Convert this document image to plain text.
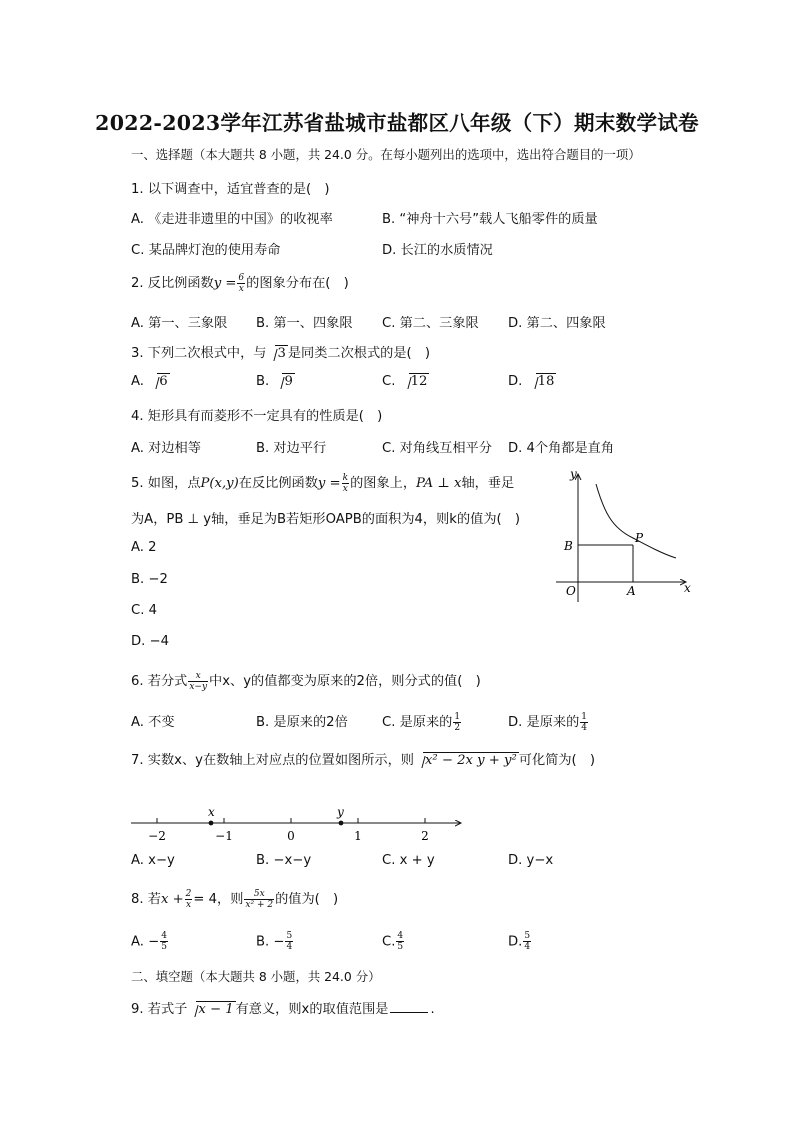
2022-2023学年江苏省盐城市盐都区八年级（下）期末数学试卷
一、选择题（本大题共 8 小题，共 24.0 分。在每小题列出的选项中，选出符合题目的一项）
1. 以下调查中，适宜普查的是(　)
A. 《走进非遗里的中国》的收视率	B. “神舟十六号”载人飞船零件的质量
C. 某品牌灯泡的使用寿命	D. 长江的水质情况
2. 反比例函数$y = \frac{6}{x}$ 的图象分布在(　)
A. 第一、三象限 B. 第一、四象限 C. 第二、三象限 D. 第二、四象限
3. 下列二次根式中，与 3 是同类二次根式的是(　)
A. 6	B. 9	C. 12	D. 18
4. 矩形具有而菱形不一定具有的性质是(　)
A. 对边相等	B. 对边平行	C. 对角线互相平分 D. 4个角都是直角
5. 如图，点P(x,y)在反比例函数$y = \frac{k}{x}$ 的图象上，PA ⊥ x轴，垂足
为A，PB ⊥ y轴，垂足为B若矩形OAPB的面积为4，则k的值为(　)
A. 2
B. −2
C. 4
D. −4
y
x
B
P
O	A
6. 若分式 $\frac{x}{x-y}$ 中x、y的值都变为原来的2倍，则分式的值(　)
A. 不变	B. 是原来的2倍	C. 是原来的 $\frac{1}{2}$	D. 是原来的 $\frac{1}{4}$
7. 实数x、y在数轴上对应点的位置如图所示，则 x² − 2x y + y² 可化简为(　)
−2	−1	0	1	2
x	y
A. x−y	B. −x−y	C. x + y	D. y−x
8. 若$x + \frac{2}{x} = 4$，则 $\frac{5x}{\text{x² + 2}}$ 的值为(　)
A. − $\frac{4}{5}$	B. − $\frac{5}{4}$	C. $\frac{4}{5}$	D. $\frac{5}{4}$
二、填空题（本大题共 8 小题，共 24.0 分）
9. 若式子 x − 1 有意义，则x的取值范围是	.
